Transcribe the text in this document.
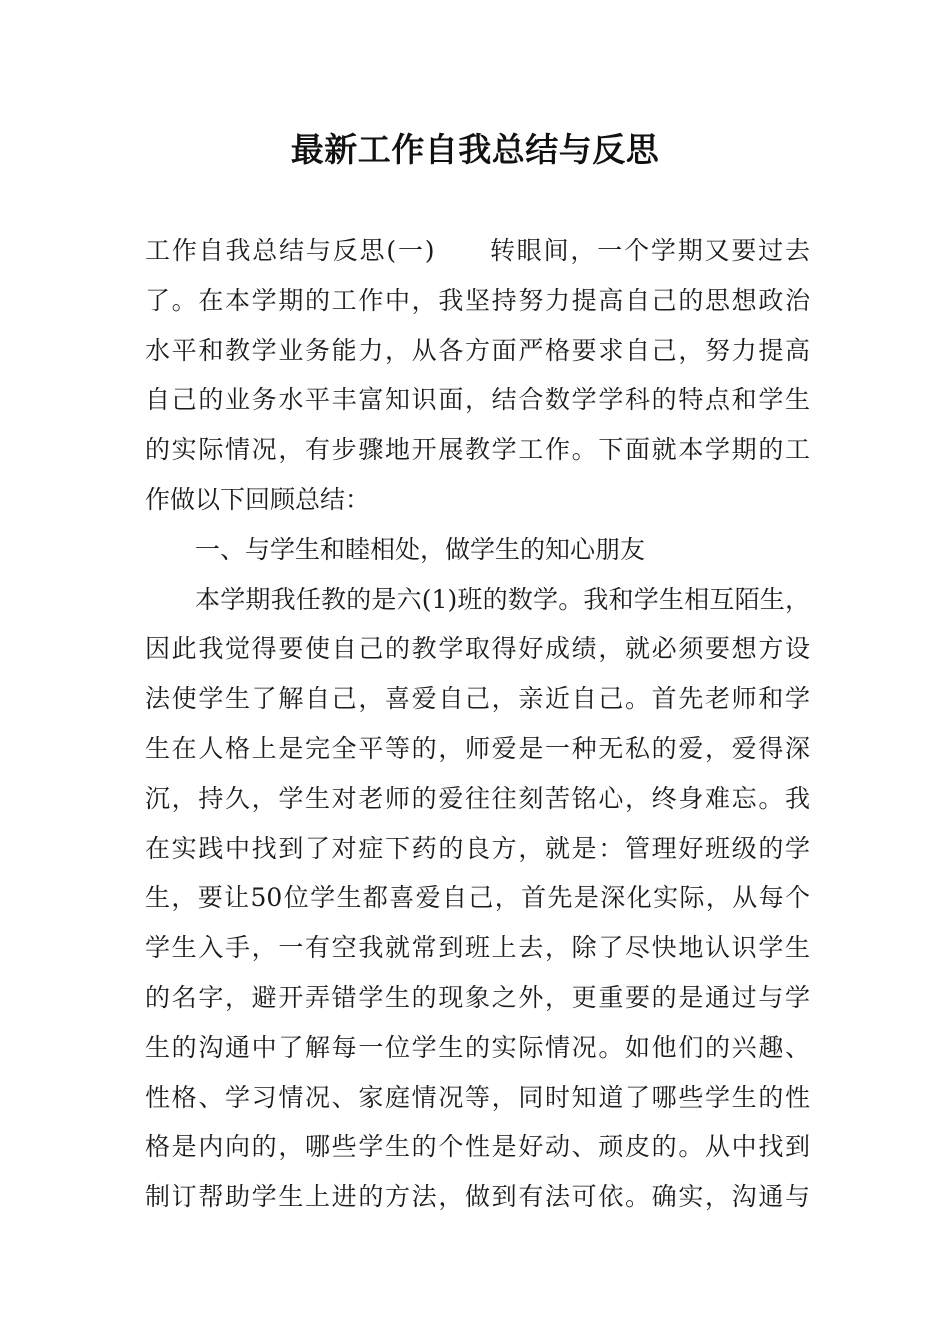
最新工作自我总结与反思

工作自我总结与反思(一)　　转眼间，一个学期又要过去

了。在本学期的工作中，我坚持努力提高自己的思想政治

水平和教学业务能力，从各方面严格要求自己，努力提高

自己的业务水平丰富知识面，结合数学学科的特点和学生

的实际情况，有步骤地开展教学工作。下面就本学期的工

作做以下回顾总结：

一、与学生和睦相处，做学生的知心朋友

本学期我任教的是六(1)班的数学。我和学生相互陌生，

因此我觉得要使自己的教学取得好成绩，就必须要想方设

法使学生了解自己，喜爱自己，亲近自己。首先老师和学

生在人格上是完全平等的，师爱是一种无私的爱，爱得深

沉，持久，学生对老师的爱往往刻苦铭心，终身难忘。我

在实践中找到了对症下药的良方，就是：管理好班级的学

生，要让50位学生都喜爱自己，首先是深化实际，从每个

学生入手，一有空我就常到班上去，除了尽快地认识学生

的名字，避开弄错学生的现象之外，更重要的是通过与学

生的沟通中了解每一位学生的实际情况。如他们的兴趣、

性格、学习情况、家庭情况等，同时知道了哪些学生的性

格是内向的，哪些学生的个性是好动、顽皮的。从中找到

制订帮助学生上进的方法，做到有法可依。确实，沟通与
